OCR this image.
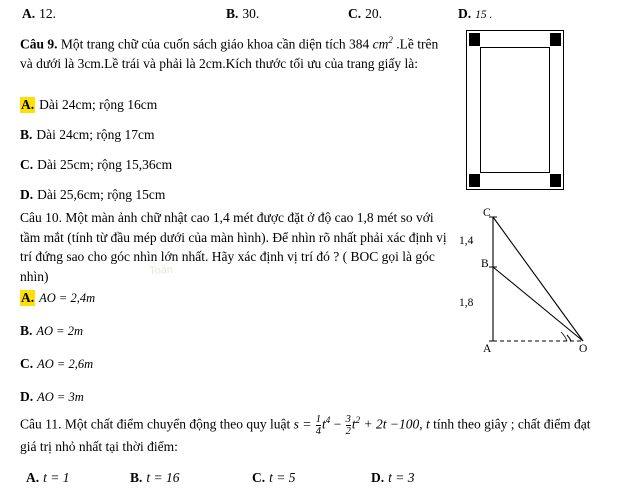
A. 12.	B. 30.	C. 20.	D. 15 .
Câu 9. Một trang chữ của cuốn sách giáo khoa cần diện tích 384 $cm^2$ .Lề trên và dưới là 3cm.Lề trái và phải là 2cm.Kích thước tối ưu của trang giấy là:
A. Dài 24cm; rộng 16cm
B. Dài 24cm; rộng 17cm
C. Dài 25cm; rộng 15,36cm
D. Dài 25,6cm; rộng 15cm
Câu 10. Một màn ảnh chữ nhật cao 1,4 mét được đặt ở độ cao 1,8 mét so với tầm mắt (tính từ đầu mép dưới của màn hình). Để nhìn rõ nhất phải xác định vị trí đứng sao cho góc nhìn lớn nhất. Hãy xác định vị trí đó ? ( BOC gọi là góc nhìn)
A. AO = 2,4m
B. AO = 2m
C. AO = 2,6m
D. AO = 3m
C
B
A	O
1,4
1,8
Câu 11. Một chất điểm chuyển động theo quy luật $s = \frac{1}{4} t^4 - \frac{3}{2} t^2 + 2t -100$, t tính theo giây ; chất điểm đạt
giá trị nhỏ nhất tại thời điểm:
A. t = 1	B. t = 16	C. t = 5	D. t = 3
Toán
